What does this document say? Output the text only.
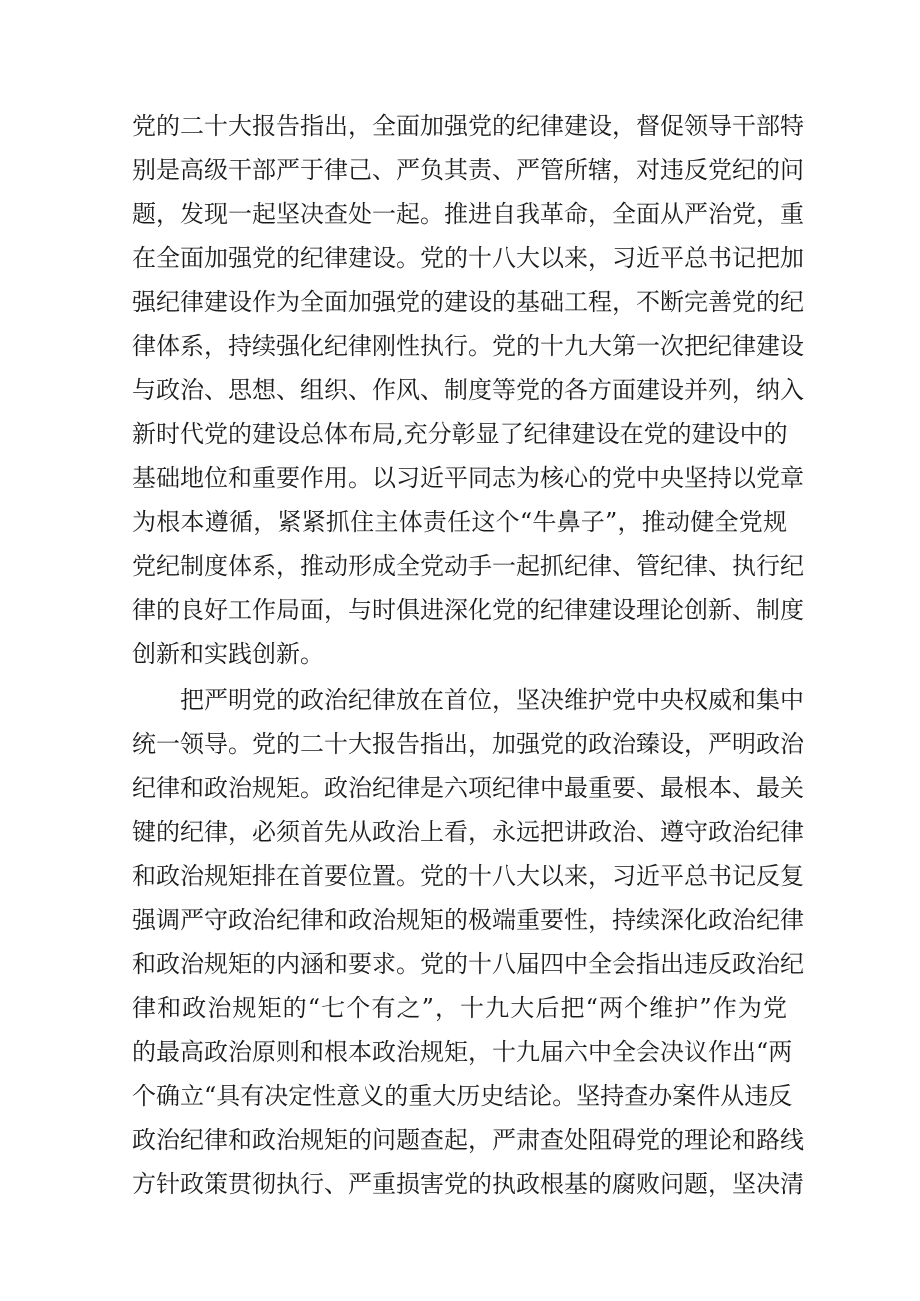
党的二十大报告指出，全面加强党的纪律建设，督促领导干部特

别是高级干部严于律己、严负其责、严管所辖，对违反党纪的问

题，发现一起坚决查处一起。推进自我革命，全面从严治党，重

在全面加强党的纪律建设。党的十八大以来，习近平总书记把加

强纪律建设作为全面加强党的建设的基础工程，不断完善党的纪

律体系，持续强化纪律刚性执行。党的十九大第一次把纪律建设

与政治、思想、组织、作风、制度等党的各方面建设并列，纳入

新时代党的建设总体布局,充分彰显了纪律建设在党的建设中的

基础地位和重要作用。以习近平同志为核心的党中央坚持以党章

为根本遵循，紧紧抓住主体责任这个“牛鼻子”，推动健全党规

党纪制度体系，推动形成全党动手一起抓纪律、管纪律、执行纪

律的良好工作局面，与时俱进深化党的纪律建设理论创新、制度

创新和实践创新。

把严明党的政治纪律放在首位，坚决维护党中央权威和集中

统一领导。党的二十大报告指出，加强党的政治臻设，严明政治

纪律和政治规矩。政治纪律是六项纪律中最重要、最根本、最关

键的纪律，必须首先从政治上看，永远把讲政治、遵守政治纪律

和政治规矩排在首要位置。党的十八大以来，习近平总书记反复

强调严守政治纪律和政治规矩的极端重要性，持续深化政治纪律

和政治规矩的内涵和要求。党的十八届四中全会指出违反政治纪

律和政治规矩的“七个有之”，十九大后把“两个维护”作为党

的最高政治原则和根本政治规矩，十九届六中全会决议作出“两

个确立“具有决定性意义的重大历史结论。坚持查办案件从违反

政治纪律和政治规矩的问题查起，严肃查处阻碍党的理论和路线

方针政策贯彻执行、严重损害党的执政根基的腐败问题，坚决清
